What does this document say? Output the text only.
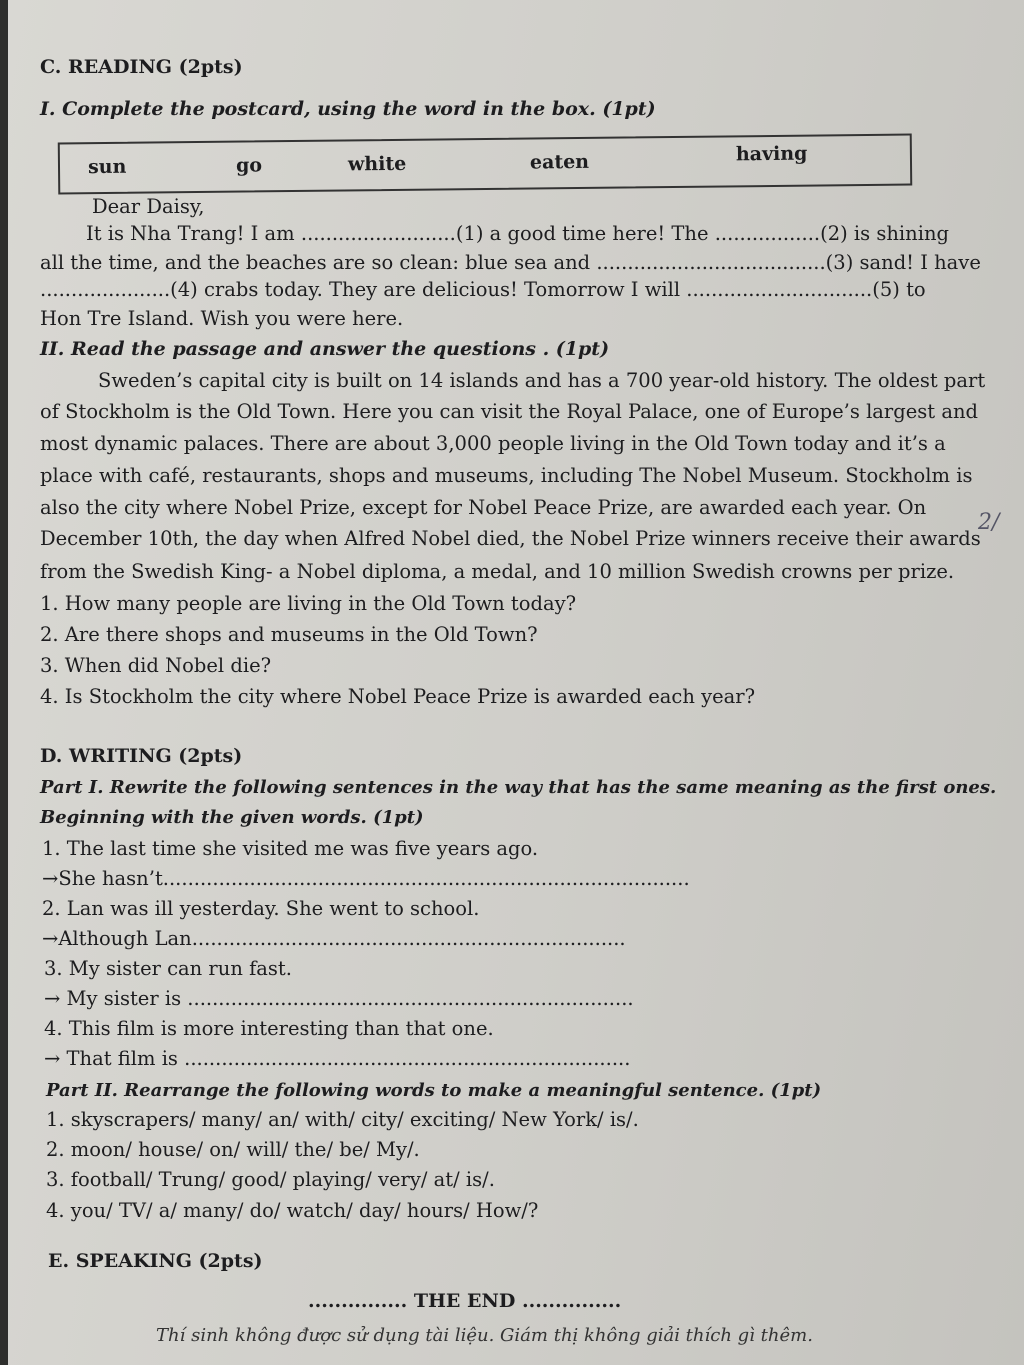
C. READING (2pts)
I. Complete the postcard, using the word in the box. (1pt)
sun	go	white	eaten	having
Dear Daisy,
It is Nha Trang! I am .........................(1) a good time here! The .................(2) is shining
all the time, and the beaches are so clean: blue sea and .....................................(3) sand! I have
.....................(4) crabs today. They are delicious! Tomorrow I will ..............................(5) to
Hon Tre Island. Wish you were here.
II. Read the passage and answer the questions . (1pt)
Sweden’s capital city is built on 14 islands and has a 700 year-old history. The oldest part
of Stockholm is the Old Town. Here you can visit the Royal Palace, one of Europe’s largest and
most dynamic palaces. There are about 3,000 people living in the Old Town today and it’s a
place with café, restaurants, shops and museums, including The Nobel Museum. Stockholm is
also the city where Nobel Prize, except for Nobel Peace Prize, are awarded each year. On
December 10th, the day when Alfred Nobel died, the Nobel Prize winners receive their awards
from the Swedish King- a Nobel diploma, a medal, and 10 million Swedish crowns per prize.
1. How many people are living in the Old Town today?
2. Are there shops and museums in the Old Town?
3. When did Nobel die?
4. Is Stockholm the city where Nobel Peace Prize is awarded each year?
2/
D. WRITING (2pts)
Part I. Rewrite the following sentences in the way that has the same meaning as the first ones.
Beginning with the given words. (1pt)
1. The last time she visited me was five years ago.
→She hasn’t.....................................................................................
2. Lan was ill yesterday. She went to school.
→Although Lan......................................................................
3. My sister can run fast.
→ My sister is ........................................................................
4. This film is more interesting than that one.
→ That film is ........................................................................
Part II. Rearrange the following words to make a meaningful sentence. (1pt)
1. skyscrapers/ many/ an/ with/ city/ exciting/ New York/ is/.
2. moon/ house/ on/ will/ the/ be/ My/.
3. football/ Trung/ good/ playing/ very/ at/ is/.
4. you/ TV/ a/ many/ do/ watch/ day/ hours/ How/?
E. SPEAKING (2pts)
............... THE END ...............
Thí sinh không được sử dụng tài liệu. Giám thị không giải thích gì thêm.
